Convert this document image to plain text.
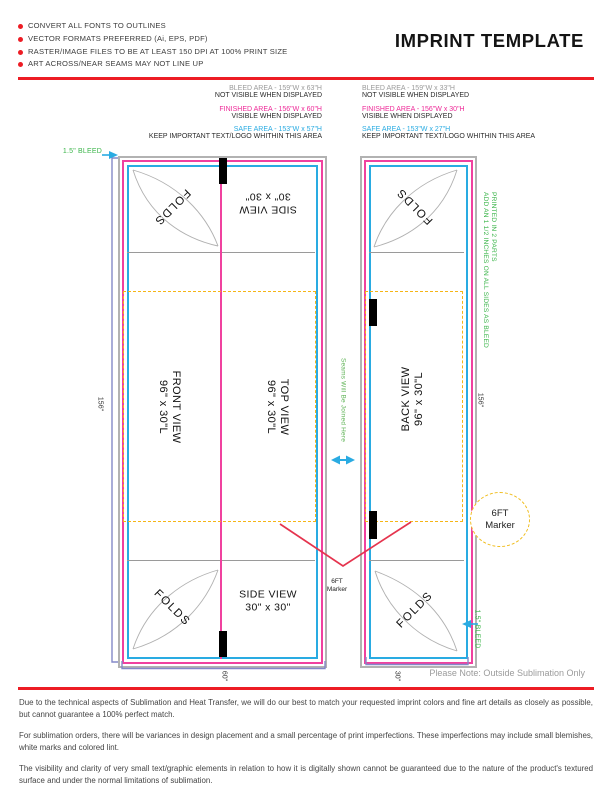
CONVERT ALL FONTS TO OUTLINES
VECTOR FORMATS PREFERRED (Ai, EPS, PDF)
RASTER/IMAGE FILES TO BE AT LEAST 150 DPI AT 100% PRINT SIZE
ART ACROSS/NEAR SEAMS MAY NOT LINE UP
IMPRINT TEMPLATE
BLEED AREA - 159"W x 63"H
NOT VISIBLE WHEN DISPLAYED
FINISHED AREA - 156"W x 60"H
VISIBLE WHEN DISPLAYED
SAFE AREA - 153"W x 57"H
KEEP IMPORTANT TEXT/LOGO WHITHIN THIS AREA
BLEED AREA - 159"W x 33"H
NOT VISIBLE WHEN DISPLAYED
FINISHED AREA - 156"W x 30"H
VISIBLE WHEN DISPLAYED
SAFE AREA - 153"W x 27"H
KEEP IMPORTANT TEXT/LOGO WHITHIN THIS AREA
FOLDS	SIDE VIEW
30" x 30"
FRONT VIEW
96" x 30"L	TOP VIEW
96" x 30"L
FOLDS	SIDE VIEW
30" x 30"
FOLDS
BACK VIEW 96" x 30"L
FOLDS
156"	156"
60"	30"
1.5" BLEED
PRINTED IN 2 PARTS
ADD AN 1 1/2 INCHES ON ALL SIDES AS BLEED
Seams Will Be Joined Here
1.5" BLEED
6FT
Marker
6FT
Marker
Please Note: Outside Sublimation Only

Due to the technical aspects of Sublimation and Heat Transfer, we will do our best to match your requested imprint colors and fine art details as closely as possible, but cannot guarantee a 100% perfect match.

For sublimation orders, there will be variances in design placement and a small percentage of print imperfections. These imperfections may include small blemishes, white marks and colored lint.

The visibility and clarity of very small text/graphic elements in relation to how it is digitally shown cannot be guaranteed due to the nature of the product's textured surface and under the normal limitations of sublimation.
